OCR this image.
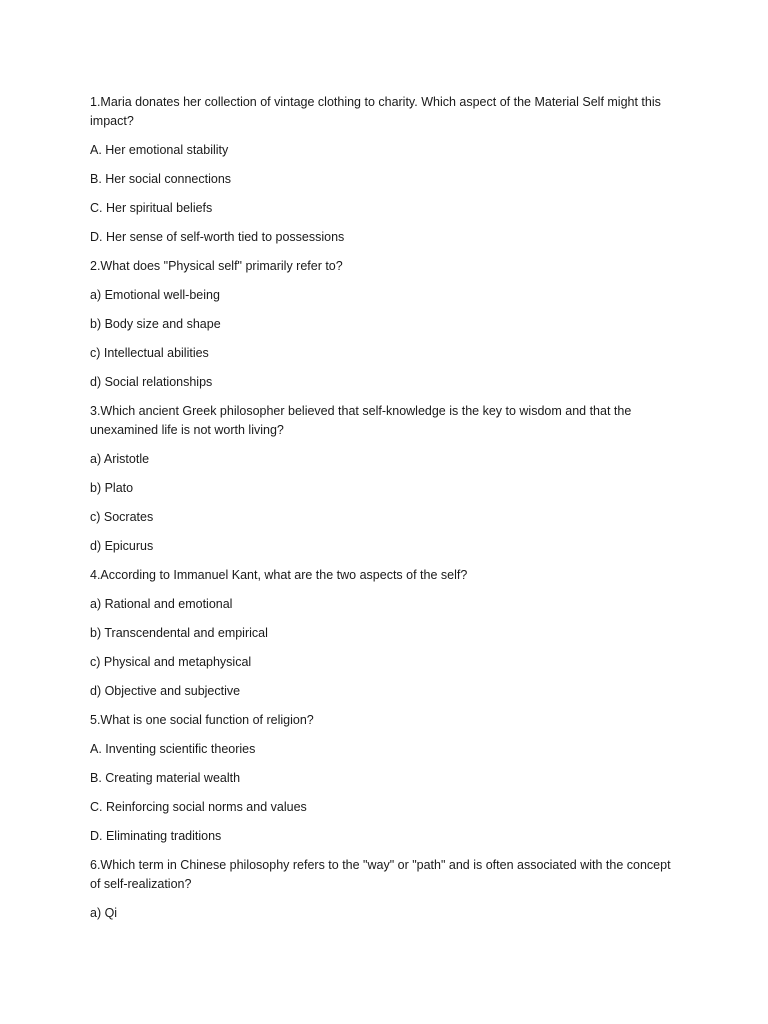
1.Maria donates her collection of vintage clothing to charity. Which aspect of the Material Self might this impact?

A. Her emotional stability

B. Her social connections

C. Her spiritual beliefs

D. Her sense of self-worth tied to possessions

2.What does "Physical self" primarily refer to?

a) Emotional well-being

b) Body size and shape

c) Intellectual abilities

d) Social relationships

3.Which ancient Greek philosopher believed that self-knowledge is the key to wisdom and that the unexamined life is not worth living?

a) Aristotle

b) Plato

c) Socrates

d) Epicurus

4.According to Immanuel Kant, what are the two aspects of the self?

a) Rational and emotional

b) Transcendental and empirical

c) Physical and metaphysical

d) Objective and subjective

5.What is one social function of religion?

A. Inventing scientific theories

B. Creating material wealth

C. Reinforcing social norms and values

D. Eliminating traditions

6.Which term in Chinese philosophy refers to the "way" or "path" and is often associated with the concept of self-realization?

a) Qi
